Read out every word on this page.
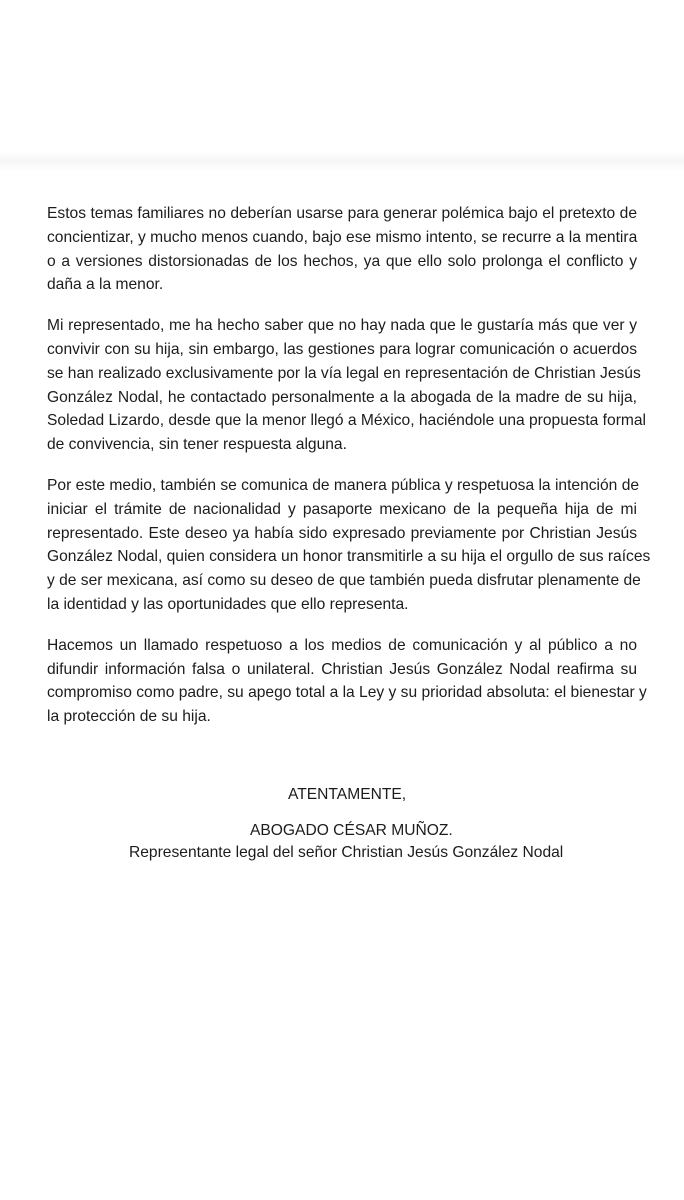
Estos temas familiares no deberían usarse para generar polémica bajo el pretexto de
concientizar, y mucho menos cuando, bajo ese mismo intento, se recurre a la mentira
o a versiones distorsionadas de los hechos, ya que ello solo prolonga el conflicto y
daña a la menor.

Mi representado, me ha hecho saber que no hay nada que le gustaría más que ver y
convivir con su hija, sin embargo, las gestiones para lograr comunicación o acuerdos
se han realizado exclusivamente por la vía legal en representación de Christian Jesús
González Nodal, he contactado personalmente a la abogada de la madre de su hija,
Soledad Lizardo, desde que la menor llegó a México, haciéndole una propuesta formal
de convivencia, sin tener respuesta alguna.

Por este medio, también se comunica de manera pública y respetuosa la intención de
iniciar el trámite de nacionalidad y pasaporte mexicano de la pequeña hija de mi
representado. Este deseo ya había sido expresado previamente por Christian Jesús
González Nodal, quien considera un honor transmitirle a su hija el orgullo de sus raíces
y de ser mexicana, así como su deseo de que también pueda disfrutar plenamente de
la identidad y las oportunidades que ello representa.

Hacemos un llamado respetuoso a los medios de comunicación y al público a no
difundir información falsa o unilateral. Christian Jesús González Nodal reafirma su
compromiso como padre, su apego total a la Ley y su prioridad absoluta: el bienestar y
la protección de su hija.

ATENTAMENTE,
ABOGADO CÉSAR MUÑOZ.
Representante legal del señor Christian Jesús González Nodal
